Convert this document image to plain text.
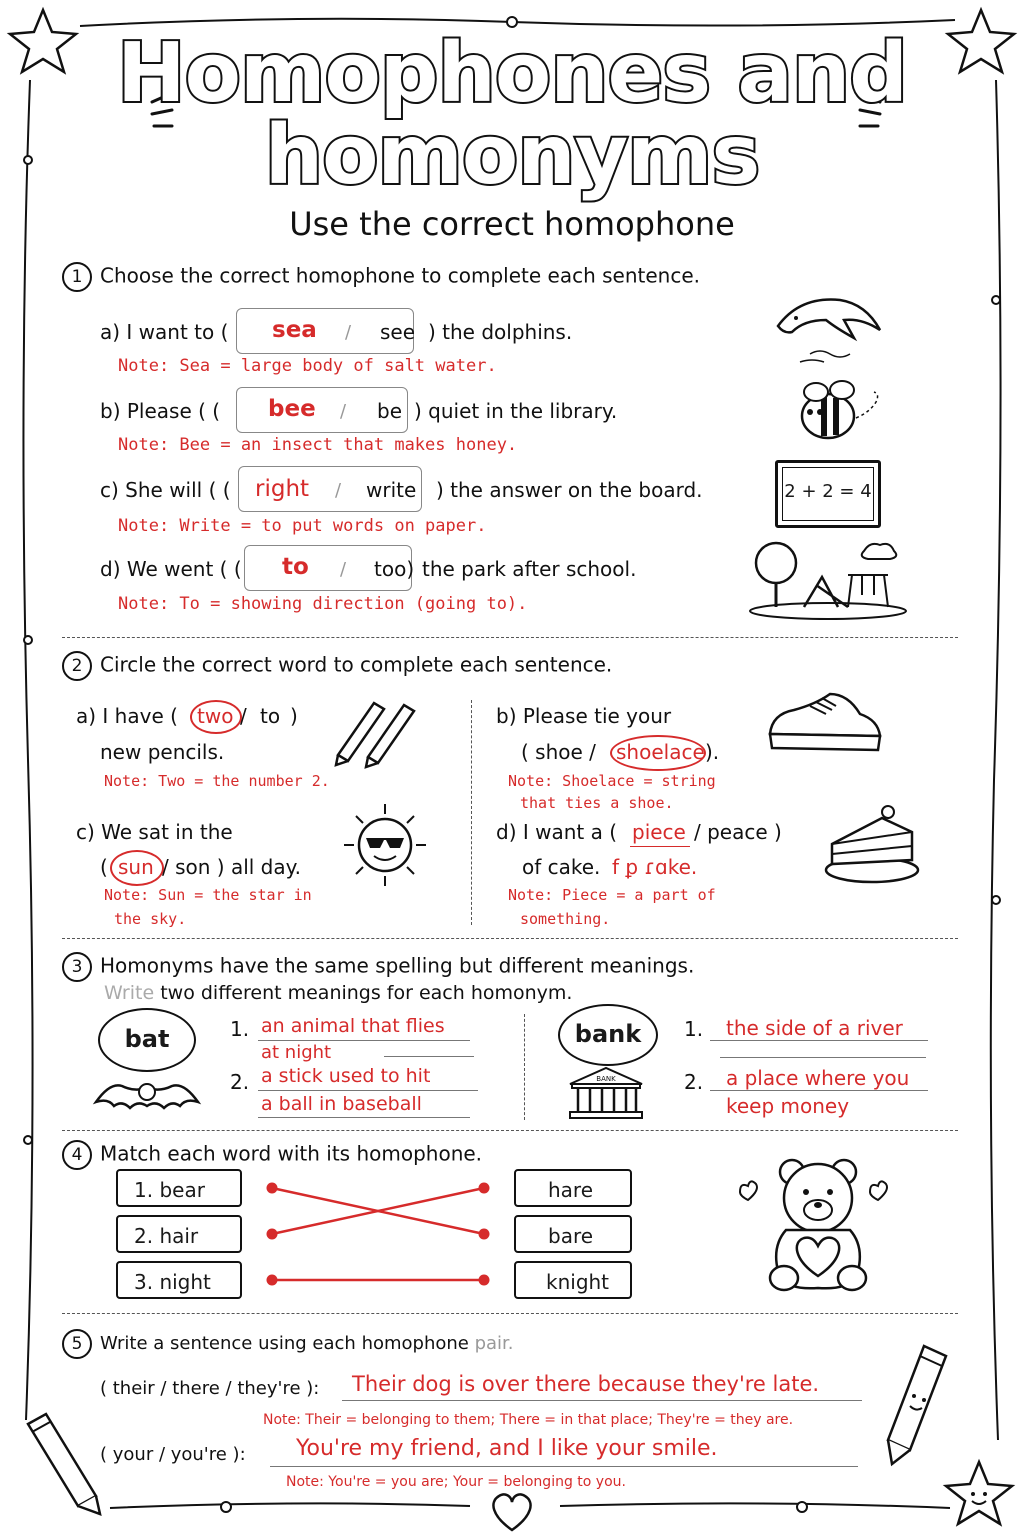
Homophones and
homonyms
Use the correct homophone
1 Choose the correct homophone to complete each sentence.
a) I want to ( sea / see ) the dolphins.
Note: Sea = large body of salt water.
b) Please ( ( bee / be ) quiet in the library.
Note: Bee = an insect that makes honey.
c) She will ( ( right / write ) the answer on the board.
Note: Write = to put words on paper.
d) We went ( ( to / too) the park after school.
Note: To = showing direction (going to).
2 + 2 = 4
2 Circle the correct word to complete each sentence.
a) I have ( two / to )
new pencils.
Note: Two = the number 2.
b) Please tie your
( shoe / shoelace ).
Note: Shoelace = string
that ties a shoe.
c) We sat in the
( sun / son ) all day.
Note: Sun = the star in
the sky.
d) I want a ( piece / peace )
of cake. f ꝑ ɾɑke.
Note: Piece = a part of
something.
3 Homonyms have the same spelling but different meanings.
Write two different meanings for each homonym.
bat	1. an animal that flies
at night
2. a stick used to hit
a ball in baseball
bank
BANK
1. the side of a river
2. a place where you
keep money
4 Match each word with its homophone.
1. bear
2. hair
3. night
hare
bare
knight
5 Write a sentence using each homophone pair.
( their / there / they're ): Their dog is over there because they're late.
Note: Their = belonging to them; There = in that place; They're = they are.
( your / you're ): You're my friend, and I like your smile.
Note: You're = you are; Your = belonging to you.
